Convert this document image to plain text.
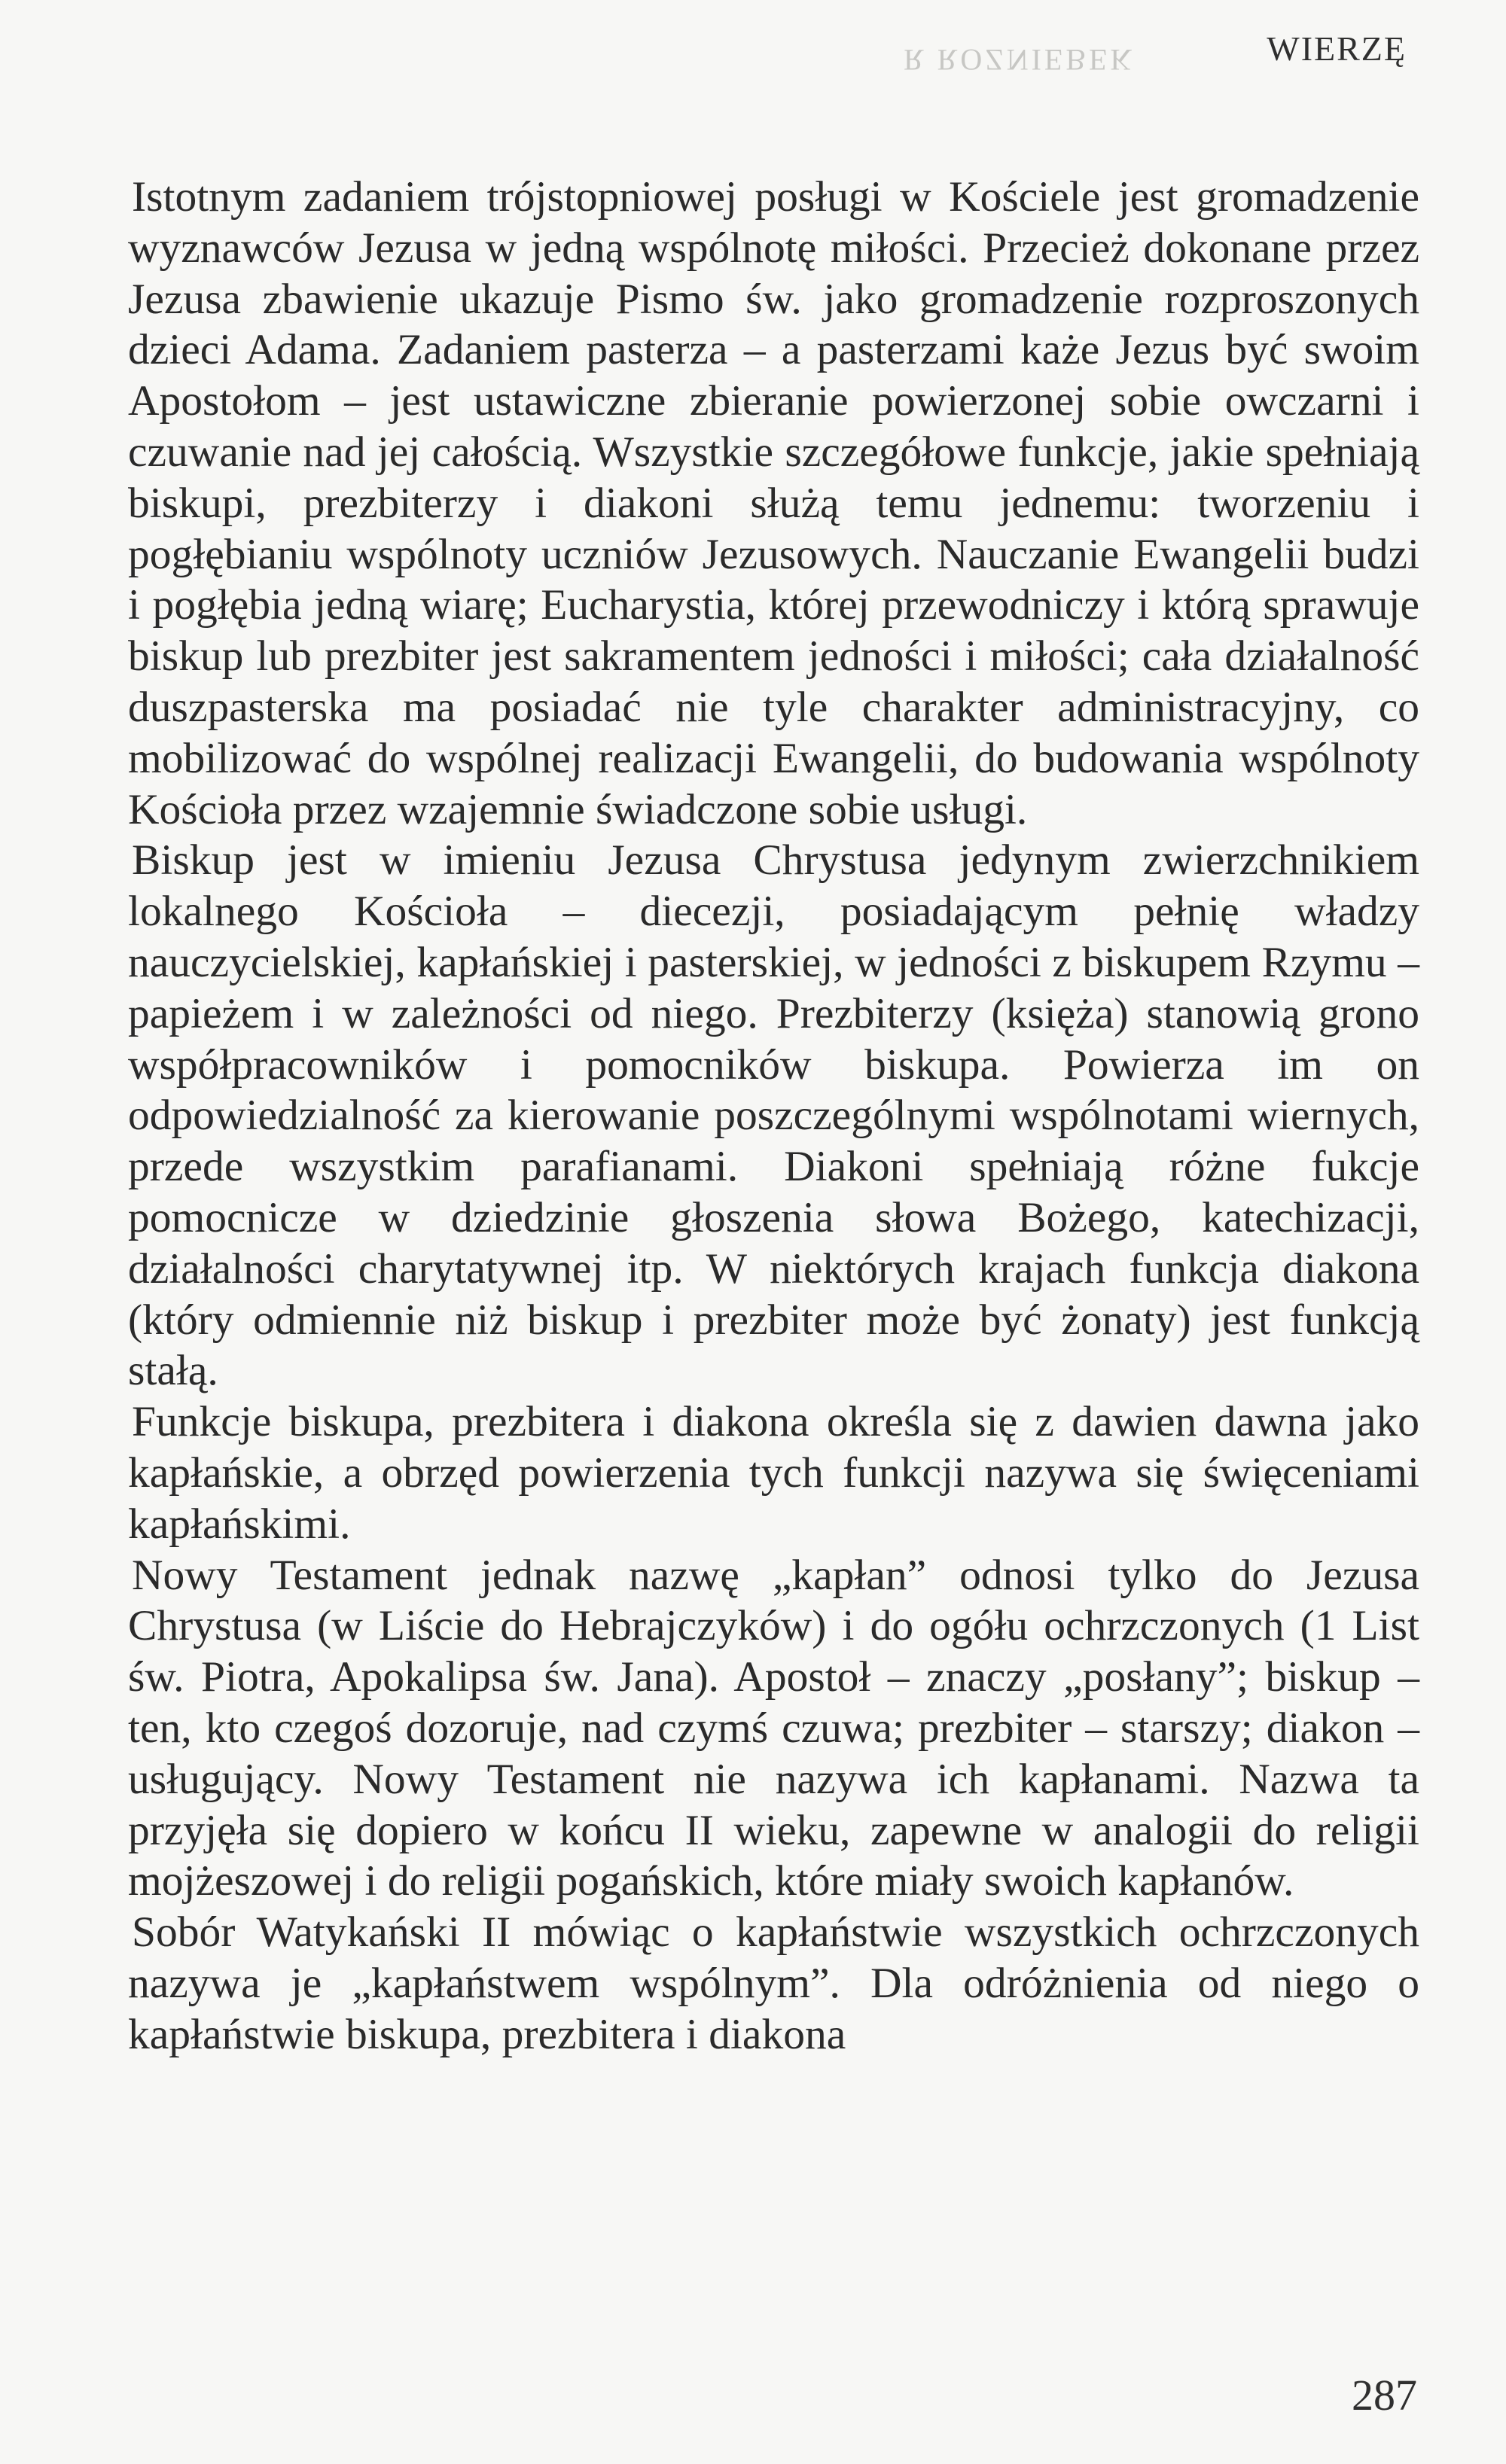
R ROZNIEBEK	WIERZĘ

Istotnym zadaniem trójstopniowej posługi w Kościele jest gromadzenie wyznawców Jezusa w jedną wspólnotę miłości. Przecież dokonane przez Jezusa zbawienie ukazuje Pismo św. jako gromadzenie rozproszonych dzieci Adama. Zadaniem pasterza – a pasterzami każe Jezus być swoim Apostołom – jest ustawiczne zbieranie powierzonej sobie owczarni i czuwanie nad jej całością. Wszystkie szczegółowe funkcje, jakie spełniają biskupi, prezbiterzy i diakoni służą temu jednemu: tworzeniu i pogłębianiu wspólnoty uczniów Jezusowych. Nauczanie Ewangelii budzi i pogłębia jedną wiarę; Eucharystia, której przewodniczy i którą sprawuje biskup lub prezbiter jest sakramentem jedności i miłości; cała działalność duszpasterska ma posiadać nie tyle charakter administracyjny, co mobilizować do wspólnej realizacji Ewangelii, do budowania wspólnoty Kościoła przez wzajemnie świadczone sobie usługi.

Biskup jest w imieniu Jezusa Chrystusa jedynym zwierzchnikiem lokalnego Kościoła – diecezji, posiadającym pełnię władzy nauczycielskiej, kapłańskiej i pasterskiej, w jedności z biskupem Rzymu – papieżem i w zależności od niego. Prezbiterzy (księża) stanowią grono współpracowników i pomocników biskupa. Powierza im on odpowiedzialność za kierowanie poszczególnymi wspólnotami wiernych, przede wszystkim parafianami. Diakoni spełniają różne fukcje pomocnicze w dziedzinie głoszenia słowa Bożego, katechizacji, działalności charytatywnej itp. W niektórych krajach funkcja diakona (który odmiennie niż biskup i prezbiter może być żonaty) jest funkcją stałą.

Funkcje biskupa, prezbitera i diakona określa się z dawien dawna jako kapłańskie, a obrzęd powierzenia tych funkcji nazywa się święceniami kapłańskimi.

Nowy Testament jednak nazwę „kapłan” odnosi tylko do Jezusa Chrystusa (w Liście do Hebrajczyków) i do ogółu ochrzczonych (1 List św. Piotra, Apokalipsa św. Jana). Apostoł – znaczy „posłany”; biskup – ten, kto czegoś dozoruje, nad czymś czuwa; prezbiter – starszy; diakon – usługujący. Nowy Testament nie nazywa ich kapłanami. Nazwa ta przyjęła się dopiero w końcu II wieku, zapewne w analogii do religii mojżeszowej i do religii pogańskich, które miały swoich kapłanów.

Sobór Watykański II mówiąc o kapłaństwie wszystkich ochrzczonych nazywa je „kapłaństwem wspólnym”. Dla odróżnienia od niego o kapłaństwie biskupa, prezbitera i diakona

287
